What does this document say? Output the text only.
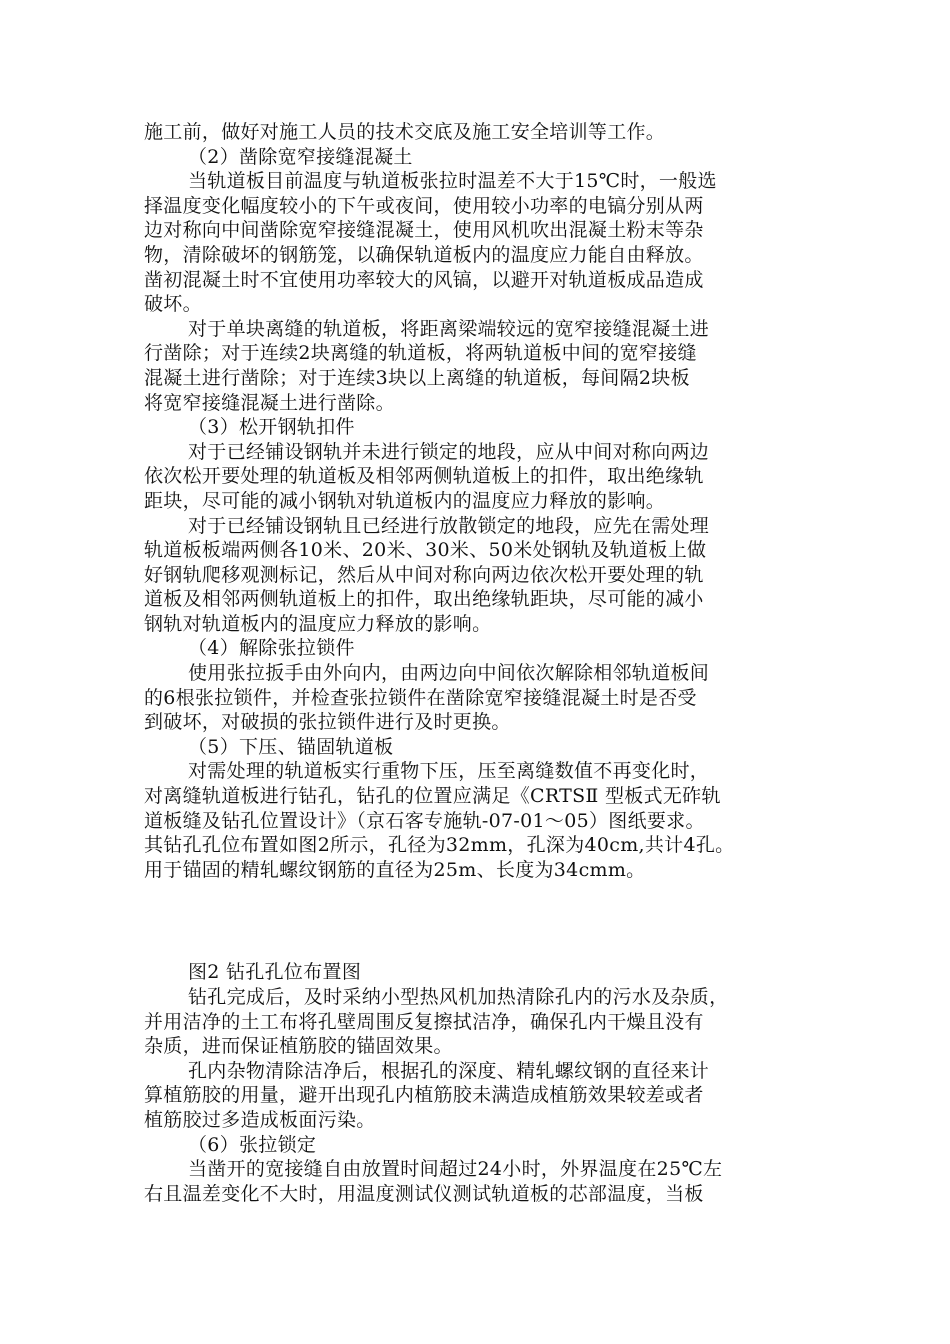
施工前，做好对施工人员的技术交底及施工安全培训等工作。
（2）凿除宽窄接缝混凝土
当轨道板目前温度与轨道板张拉时温差不大于15℃时，一般选
择温度变化幅度较小的下午或夜间，使用较小功率的电镐分别从两
边对称向中间凿除宽窄接缝混凝土，使用风机吹出混凝土粉末等杂
物，清除破坏的钢筋笼，以确保轨道板内的温度应力能自由释放。
凿初混凝土时不宜使用功率较大的风镐，以避开对轨道板成品造成
破坏。
对于单块离缝的轨道板，将距离梁端较远的宽窄接缝混凝土进
行凿除；对于连续2块离缝的轨道板，将两轨道板中间的宽窄接缝
混凝土进行凿除；对于连续3块以上离缝的轨道板，每间隔2块板
将宽窄接缝混凝土进行凿除。
（3）松开钢轨扣件
对于已经铺设钢轨并未进行锁定的地段，应从中间对称向两边
依次松开要处理的轨道板及相邻两侧轨道板上的扣件，取出绝缘轨
距块，尽可能的减小钢轨对轨道板内的温度应力释放的影响。
对于已经铺设钢轨且已经进行放散锁定的地段，应先在需处理
轨道板板端两侧各10米、20米、30米、50米处钢轨及轨道板上做
好钢轨爬移观测标记，然后从中间对称向两边依次松开要处理的轨
道板及相邻两侧轨道板上的扣件，取出绝缘轨距块，尽可能的减小
钢轨对轨道板内的温度应力释放的影响。
（4）解除张拉锁件
使用张拉扳手由外向内，由两边向中间依次解除相邻轨道板间
的6根张拉锁件，并检查张拉锁件在凿除宽窄接缝混凝土时是否受
到破坏，对破损的张拉锁件进行及时更换。
（5）下压、锚固轨道板
对需处理的轨道板实行重物下压，压至离缝数值不再变化时，
对离缝轨道板进行钻孔，钻孔的位置应满足《CRTSⅡ 型板式无砟轨
道板缝及钻孔位置设计》（京石客专施轨-07-01～05）图纸要求。
其钻孔孔位布置如图2所示，孔径为32mm，孔深为40cm,共计4孔。
用于锚固的精轧螺纹钢筋的直径为25m、长度为34cmm。
图2 钻孔孔位布置图
钻孔完成后，及时采纳小型热风机加热清除孔内的污水及杂质，
并用洁净的土工布将孔壁周围反复擦拭洁净，确保孔内干燥且没有
杂质，进而保证植筋胶的锚固效果。
孔内杂物清除洁净后，根据孔的深度、精轧螺纹钢的直径来计
算植筋胶的用量，避开出现孔内植筋胶未满造成植筋效果较差或者
植筋胶过多造成板面污染。
（6）张拉锁定
当凿开的宽接缝自由放置时间超过24小时，外界温度在25℃左
右且温差变化不大时，用温度测试仪测试轨道板的芯部温度，当板
